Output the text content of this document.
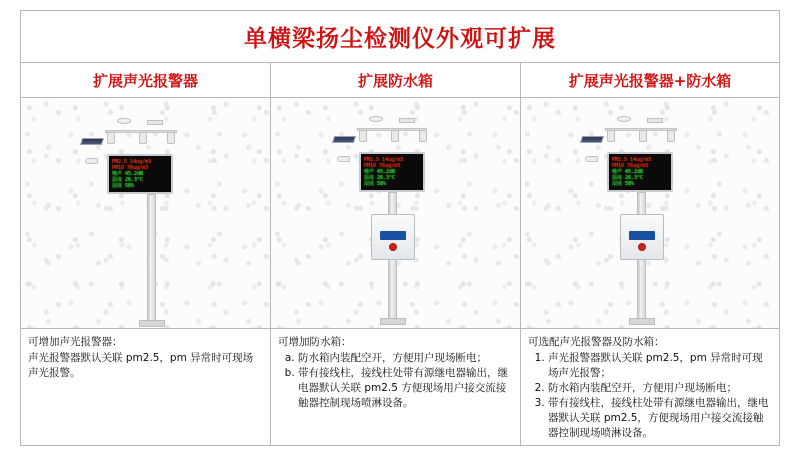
单横梁扬尘检测仪外观可扩展
扩展声光报警器	扩展防水箱	扩展声光报警器+防水箱
PM2.5 14ug/m3
PM10 76ug/m3
噪声 45.2dB
温度 26.3°C
湿度 58%
PM2.5 14ug/m3
PM10 76ug/m3
噪声 45.2dB
温度 26.3°C
湿度 58%
PM2.5 14ug/m3
PM10 76ug/m3
噪声 45.2dB
温度 26.3°C
湿度 58%

可增加声光报警器：

声光报警器默认关联 pm2.5，pm 异常时可现场声光报警。

可增加防水箱：

a. 防水箱内装配空开，方便用户现场断电；
b. 带有接线柱，接线柱处带有源继电器输出，继电器默认关联 pm2.5 方便现场用户接交流接触器控制现场喷淋设备。

可选配声光报警器及防水箱：

1. 声光报警器默认关联 pm2.5，pm 异常时可现场声光报警；
2. 防水箱内装配空开，方便用户现场断电；
3. 带有接线柱，接线柱处带有源继电器输出，继电器默认关联 pm2.5，方便现场用户接交流接触器控制现场喷淋设备。
